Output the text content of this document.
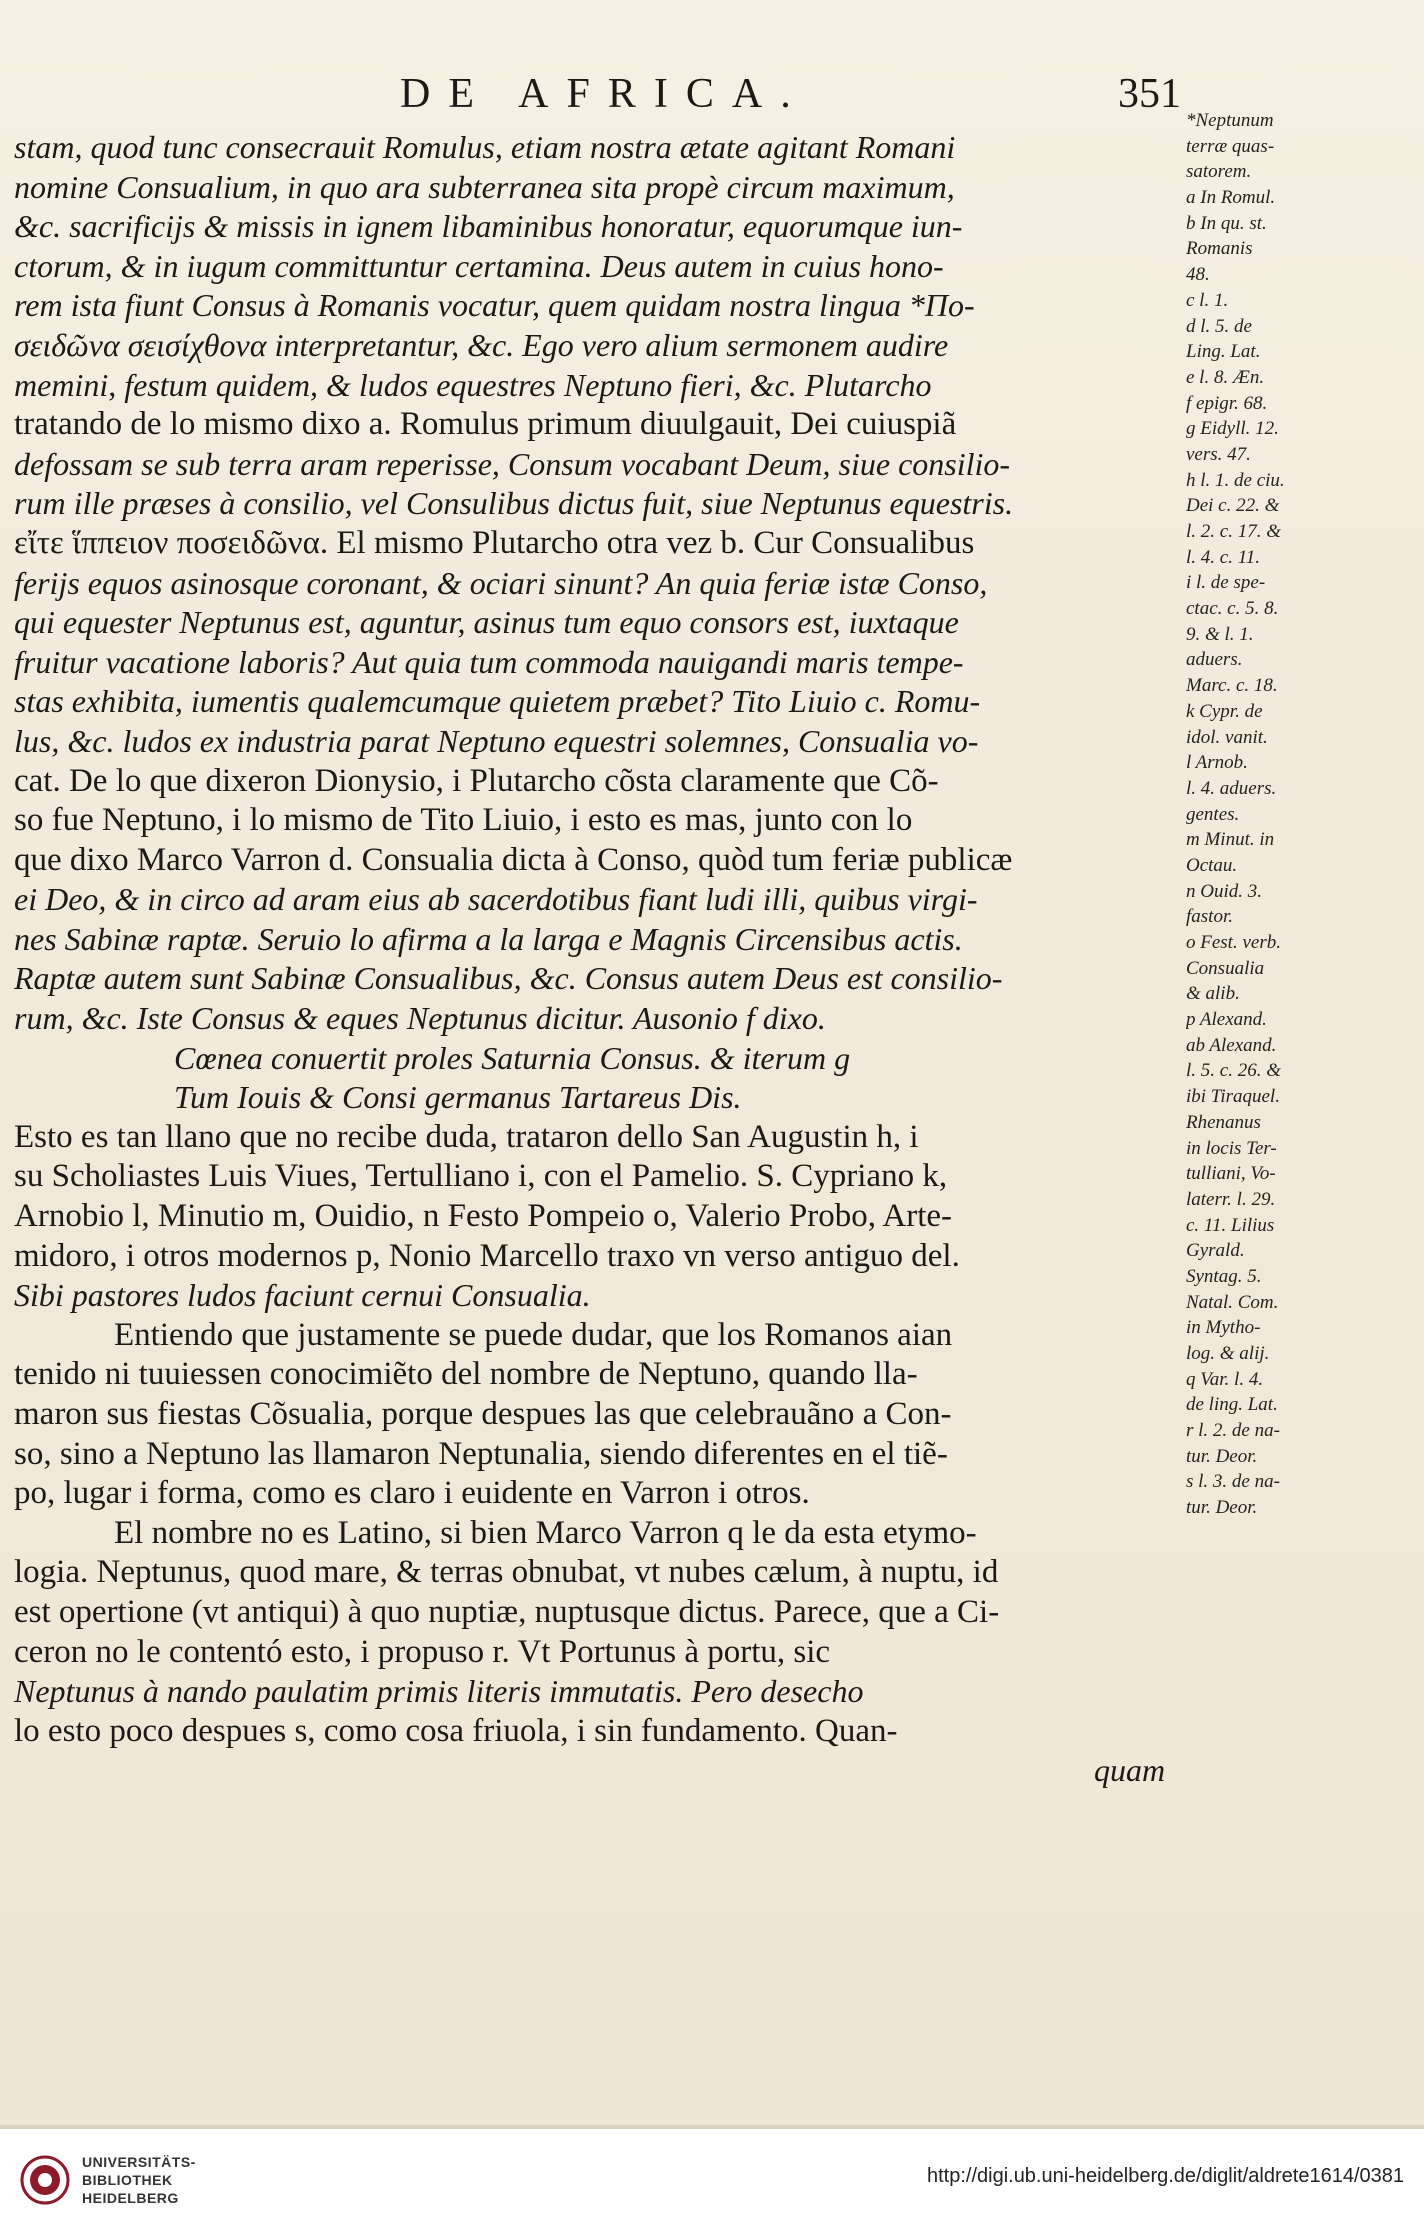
DE AFRICA.	351
stam, quod tunc consecrauit Romulus, etiam nostra ætate agitant Romani
nomine Consualium, in quo ara subterranea sita propè circum maximum,
&c. sacrificijs & missis in ignem libaminibus honoratur, equorumque iun-
ctorum, & in iugum committuntur certamina. Deus autem in cuius hono-
rem ista fiunt Consus à Romanis vocatur, quem quidam nostra lingua *Πο-
σειδῶνα σεισίχθονα interpretantur, &c. Ego vero alium sermonem audire
memini, festum quidem, & ludos equestres Neptuno fieri, &c. Plutarcho
tratando de lo mismo dixo a. Romulus primum diuulgauit, Dei cuiuspiã
defossam se sub terra aram reperisse, Consum vocabant Deum, siue consilio-
rum ille præses à consilio, vel Consulibus dictus fuit, siue Neptunus equestris.
εἴτε ἵππειον ποσειδῶνα. El mismo Plutarcho otra vez b. Cur Consualibus
ferijs equos asinosque coronant, & ociari sinunt? An quia feriæ istæ Conso,
qui equester Neptunus est, aguntur, asinus tum equo consors est, iuxtaque
fruitur vacatione laboris? Aut quia tum commoda nauigandi maris tempe-
stas exhibita, iumentis qualemcumque quietem præbet? Tito Liuio c. Romu-
lus, &c. ludos ex industria parat Neptuno equestri solemnes, Consualia vo-
cat. De lo que dixeron Dionysio, i Plutarcho cõsta claramente que Cõ-
so fue Neptuno, i lo mismo de Tito Liuio, i esto es mas, junto con lo
que dixo Marco Varron d. Consualia dicta à Conso, quòd tum feriæ publicæ
ei Deo, & in circo ad aram eius ab sacerdotibus fiant ludi illi, quibus virgi-
nes Sabinæ raptæ. Seruio lo afirma a la larga e Magnis Circensibus actis.
Raptæ autem sunt Sabinæ Consualibus, &c. Consus autem Deus est consilio-
rum, &c. Iste Consus & eques Neptunus dicitur. Ausonio f dixo.
Cœnea conuertit proles Saturnia Consus. & iterum g
Tum Iouis & Consi germanus Tartareus Dis.
Esto es tan llano que no recibe duda, trataron dello San Augustin h, i
su Scholiastes Luis Viues, Tertulliano i, con el Pamelio. S. Cypriano k,
Arnobio l, Minutio m, Ouidio, n Festo Pompeio o, Valerio Probo, Arte-
midoro, i otros modernos p, Nonio Marcello traxo vn verso antiguo del.
Sibi pastores ludos faciunt cernui Consualia.
Entiendo que justamente se puede dudar, que los Romanos aian
tenido ni tuuiessen conocimiẽto del nombre de Neptuno, quando lla-
maron sus fiestas Cõsualia, porque despues las que celebrauãno a Con-
so, sino a Neptuno las llamaron Neptunalia, siendo diferentes en el tiẽ-
po, lugar i forma, como es claro i euidente en Varron i otros.
El nombre no es Latino, si bien Marco Varron q le da esta etymo-
logia. Neptunus, quod mare, & terras obnubat, vt nubes cælum, à nuptu, id
est opertione (vt antiqui) à quo nuptiæ, nuptusque dictus. Parece, que a Ci-
ceron no le contentó esto, i propuso r. Vt Portunus à portu, sic
Neptunus à nando paulatim primis literis immutatis. Pero desecho
lo esto poco despues s, como cosa friuola, i sin fundamento. Quan-
quam
*Neptunum
terræ quas-
satorem.
a In Romul.
b In qu. st.
Romanis
48.
c l. 1.
d l. 5. de
Ling. Lat.
e l. 8. Æn.
f epigr. 68.
g Eidyll. 12.
vers. 47.
h l. 1. de ciu.
Dei c. 22. &
l. 2. c. 17. &
l. 4. c. 11.
i l. de spe-
ctac. c. 5. 8.
9. & l. 1.
aduers.
Marc. c. 18.
k Cypr. de
idol. vanit.
l Arnob.
l. 4. aduers.
gentes.
m Minut. in
Octau.
n Ouid. 3.
fastor.
o Fest. verb.
Consualia
& alib.
p Alexand.
ab Alexand.
l. 5. c. 26. &
ibi Tiraquel.
Rhenanus
in locis Ter-
tulliani, Vo-
laterr. l. 29.
c. 11. Lilius
Gyrald.
Syntag. 5.
Natal. Com.
in Mytho-
log. & alij.
q Var. l. 4.
de ling. Lat.
r l. 2. de na-
tur. Deor.
s l. 3. de na-
tur. Deor.
UNIVERSITÄTS-
BIBLIOTHEK
HEIDELBERG
http://digi.ub.uni-heidelberg.de/diglit/aldrete1614/0381
